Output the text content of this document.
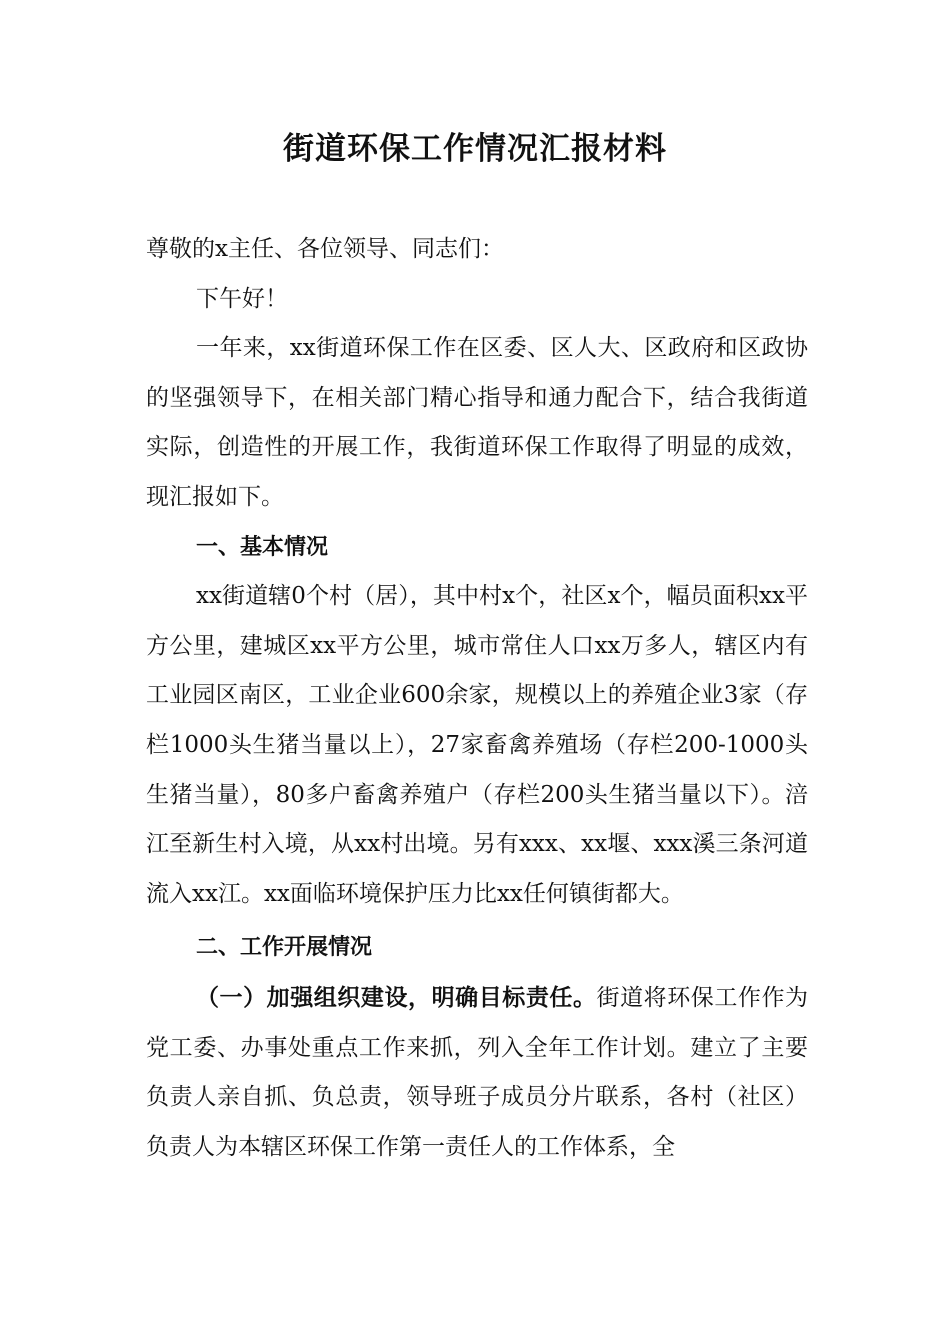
街道环保工作情况汇报材料

尊敬的x主任、各位领导、同志们：

下午好！

一年来，xx街道环保工作在区委、区人大、区政府和区政协的坚强领导下，在相关部门精心指导和通力配合下，结合我街道实际，创造性的开展工作，我街道环保工作取得了明显的成效，现汇报如下。

一、基本情况

xx街道辖0个村（居），其中村x个，社区x个，幅员面积xx平方公里，建城区xx平方公里，城市常住人口xx万多人，辖区内有工业园区南区，工业企业600余家，规模以上的养殖企业3家（存栏1000头生猪当量以上），27家畜禽养殖场（存栏200-1000头生猪当量），80多户畜禽养殖户（存栏200头生猪当量以下）。涪江至新生村入境，从xx村出境。另有xxx、xx堰、xxx溪三条河道流入xx江。xx面临环境保护压力比xx任何镇街都大。

二、工作开展情况

（一）加强组织建设，明确目标责任。街道将环保工作作为党工委、办事处重点工作来抓，列入全年工作计划。建立了主要负责人亲自抓、负总责，领导班子成员分片联系，各村（社区）负责人为本辖区环保工作第一责任人的工作体系，全
